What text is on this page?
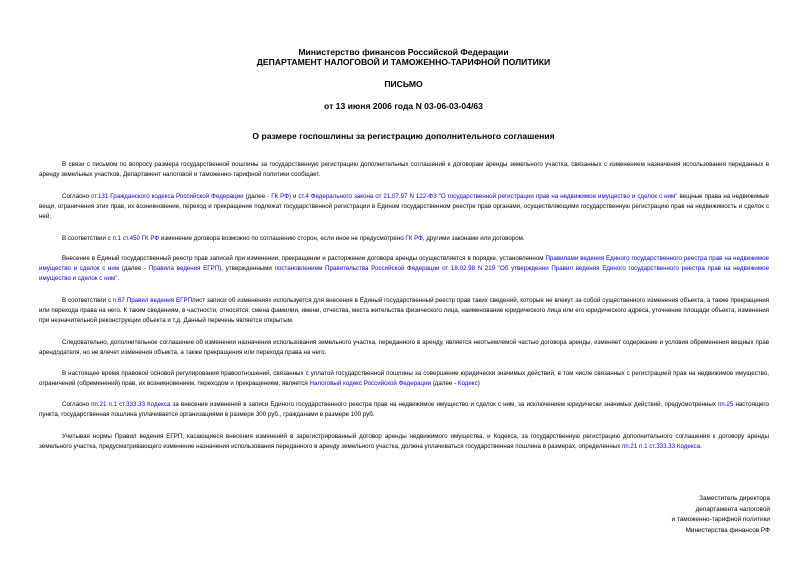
Министерство финансов Российской Федерации
ДЕПАРТАМЕНТ НАЛОГОВОЙ И ТАМОЖЕННО-ТАРИФНОЙ ПОЛИТИКИ
ПИСЬМО
от 13 июня 2006 года N 03-06-03-04/63
О размере госпошлины за регистрацию дополнительного соглашения

В связи с письмом по вопросу размера государственной пошлины за государственную регистрацию дополнительных соглашений к договорам аренды земельного участка, связанных с изменением назначения использования переданных в аренду земельных участков, Департамент налоговой и таможенно-тарифной политики сообщает.

Согласно ст.131 Гражданского кодекса Российской Федерации (далее - ГК РФ) и ст.4 Федерального закона от 21.07.97 N 122-ФЗ "О государственной регистрации прав на недвижимое имущество и сделок с ним" вещные права на недвижимые вещи, ограничения этих прав, их возникновение, переход и прекращение подлежат государственной регистрации в Едином государственном реестре прав органами, осуществляющими государственную регистрацию прав на недвижимость и сделок с ней.

В соответствии с п.1 ст.450 ГК РФ изменение договора возможно по соглашению сторон, если иное не предусмотрено ГК РФ, другими законами или договором.

Внесение в Единый государственный реестр прав записей при изменении, прекращении и расторжении договора аренды осуществляется в порядке, установленном Правилами ведения Единого государственного реестра прав на недвижимое имущество и сделок с ним (далее - Правила ведения ЕГРП), утвержденными постановлением Правительства Российской Федерации от 18.02.98 N 219 "Об утверждении Правил ведения Единого государственного реестра прав на недвижимое имущество и сделок с ним".

В соответствии с п.67 Правил ведения ЕГРПлист записи об изменениях используется для внесения в Единый государственный реестр прав таких сведений, которые не влекут за собой существенного изменения объекта, а также прекращения или перехода права на него. К таким сведениям, в частности, относятся: смена фамилии, имени, отчества, места жительства физического лица, наименование юридического лица или его юридического адреса, уточнение площади объекта, изменения при незначительной реконструкции объекта и т.д. Данный перечень является открытым.

Следовательно, дополнительное соглашение об изменении назначения использования земельного участка, переданного в аренду, является неотъемлемой частью договора аренды, изменяет содержание и условия обременения вещных прав арендодателя, но не влечет изменения объекта, а также прекращения или перехода права на него.

В настоящее время правовой основой регулирования правоотношений, связанных с уплатой государственной пошлины за совершение юридически значимых действий, в том числе связанных с регистрацией прав на недвижимое имущество, ограничений (обременений) прав, их возникновением, переходом и прекращением, является Налоговый кодекс Российской Федерации (далее - Кодекс)

Согласно пп.21 п.1 ст.333.33 Кодекса за внесение изменений в записи Единого государственного реестра прав на недвижимое имущество и сделок с ним, за исключением юридически значимых действий, предусмотренных пп.25 настоящего пункта, государственная пошлина уплачивается организациями в размере 300 руб., гражданами в размере 100 руб.

Учитывая нормы Правил ведения ЕГРП, касающиеся внесения изменений в зарегистрированный договор аренды недвижимого имущества, и Кодекса, за государственную регистрацию дополнительного соглашения к договору аренды земельного участка, предусматривающего изменение назначения использования переданного в аренду земельного участка, должна уплачиваться государственная пошлина в размерах, определенных пп.21 п.1 ст.333.33 Кодекса.

Заместитель директора
департамента налоговой
и таможенно-тарифной политики
Министерства финансов РФ
